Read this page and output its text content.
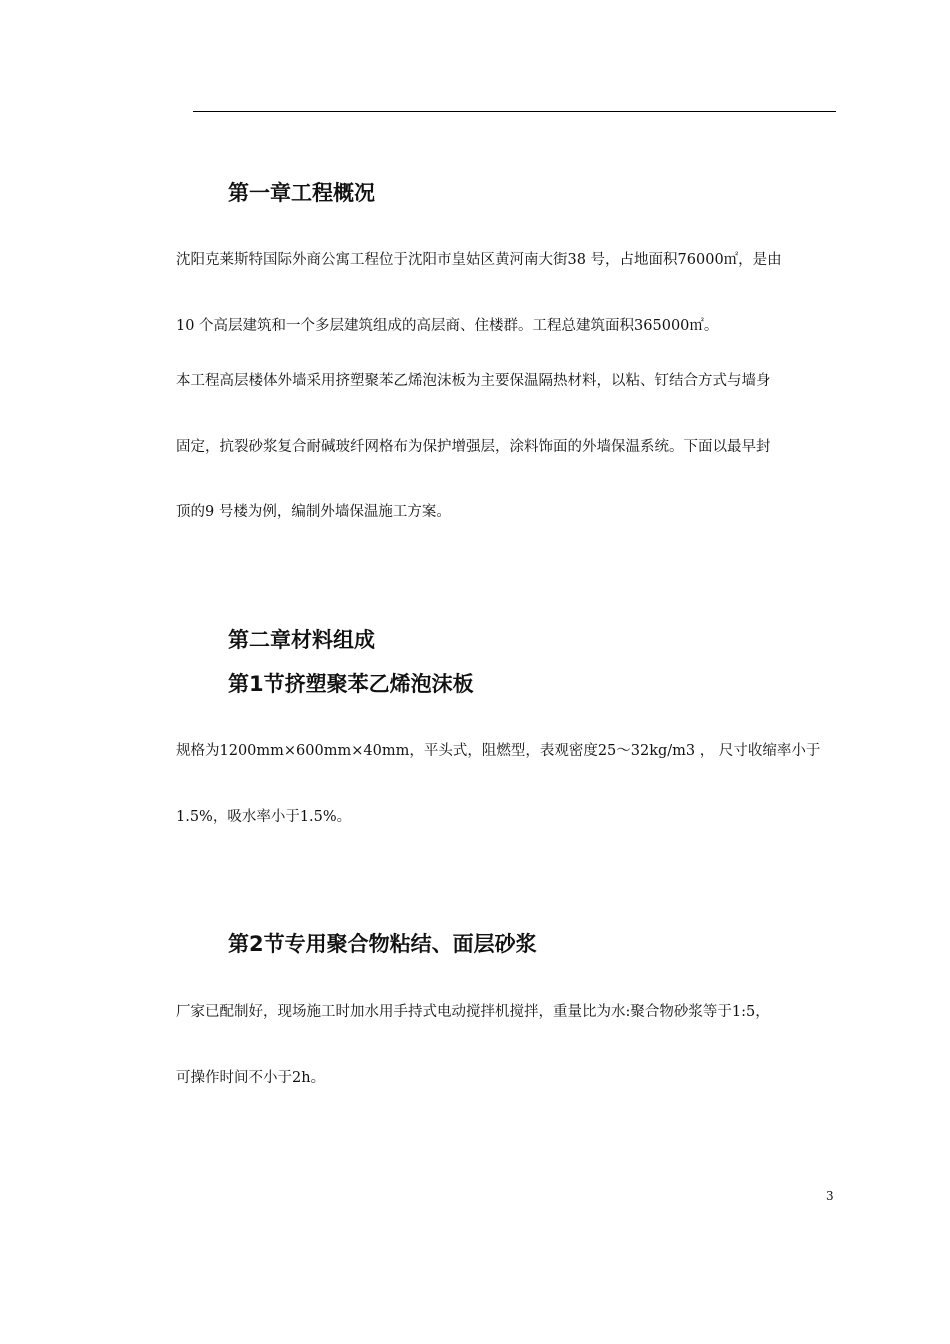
第一章工程概况
沈阳克莱斯特国际外商公寓工程位于沈阳市皇姑区黄河南大街38 号，占地面积76000㎡，是由
10 个高层建筑和一个多层建筑组成的高层商、住楼群。工程总建筑面积365000㎡。
本工程高层楼体外墙采用挤塑聚苯乙烯泡沫板为主要保温隔热材料，以粘、钉结合方式与墙身
固定，抗裂砂浆复合耐碱玻纤网格布为保护增强层，涂料饰面的外墙保温系统。下面以最早封
顶的9 号楼为例，编制外墙保温施工方案。
第二章材料组成
第1节挤塑聚苯乙烯泡沫板
规格为1200mm×600mm×40mm，平头式，阻燃型，表观密度25～32kg/m3 ， 尺寸收缩率小于
1.5%，吸水率小于1.5%。
第2节专用聚合物粘结、面层砂浆
厂家已配制好，现场施工时加水用手持式电动搅拌机搅拌，重量比为水:聚合物砂浆等于1:5，
可操作时间不小于2h。
3
